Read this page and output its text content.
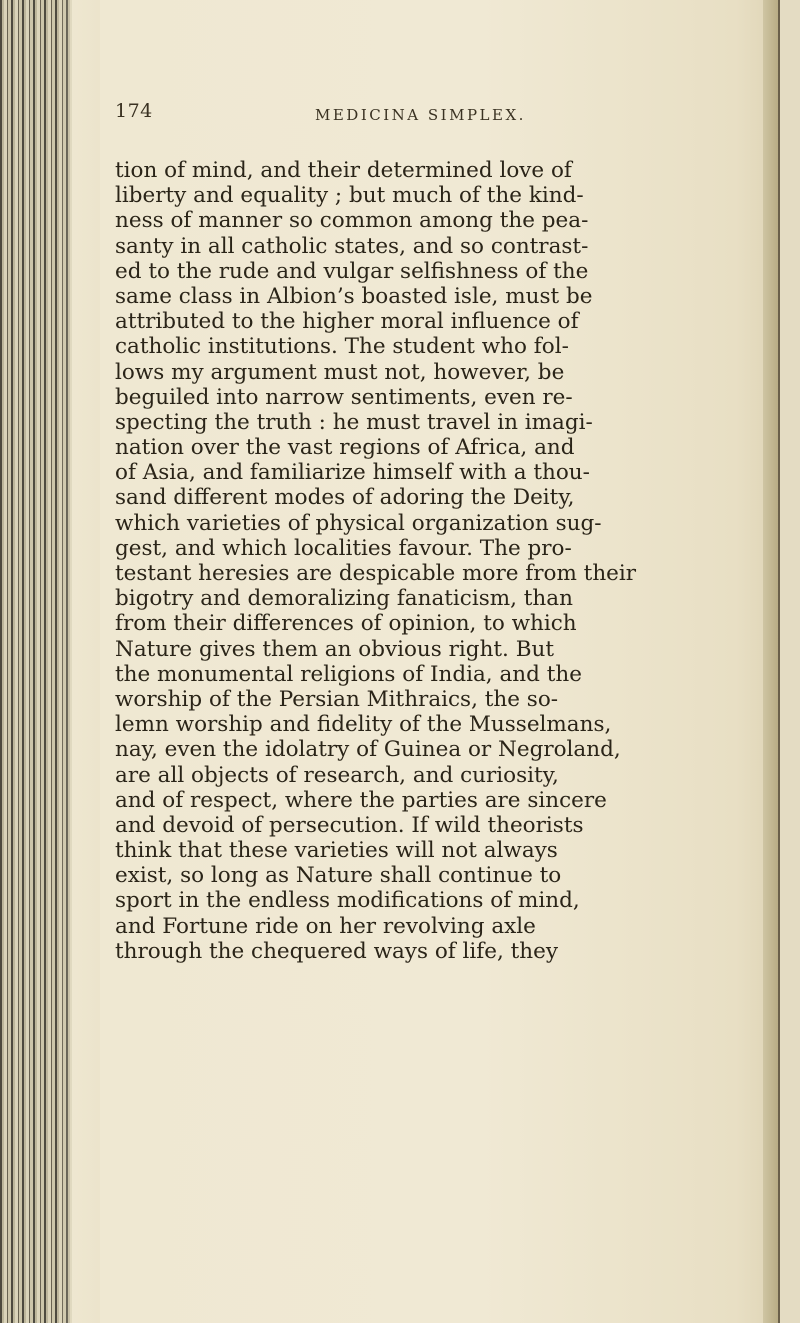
174	MEDICINA SIMPLEX.
tion of mind, and their determined love of
liberty and equality ; but much of the kind-
ness of manner so common among the pea-
santy in all catholic states, and so contrast-
ed to the rude and vulgar selfishness of the
same class in Albion’s boasted isle, must be
attributed to the higher moral influence of
catholic institutions. The student who fol-
lows my argument must not, however, be
beguiled into narrow sentiments, even re-
specting the truth : he must travel in imagi-
nation over the vast regions of Africa, and
of Asia, and familiarize himself with a thou-
sand different modes of adoring the Deity,
which varieties of physical organization sug-
gest, and which localities favour. The pro-
testant heresies are despicable more from their
bigotry and demoralizing fanaticism, than
from their differences of opinion, to which
Nature gives them an obvious right. But
the monumental religions of India, and the
worship of the Persian Mithraics, the so-
lemn worship and fidelity of the Musselmans,
nay, even the idolatry of Guinea or Negroland,
are all objects of research, and curiosity,
and of respect, where the parties are sincere
and devoid of persecution. If wild theorists
think that these varieties will not always
exist, so long as Nature shall continue to
sport in the endless modifications of mind,
and Fortune ride on her revolving axle
through the chequered ways of life, they
